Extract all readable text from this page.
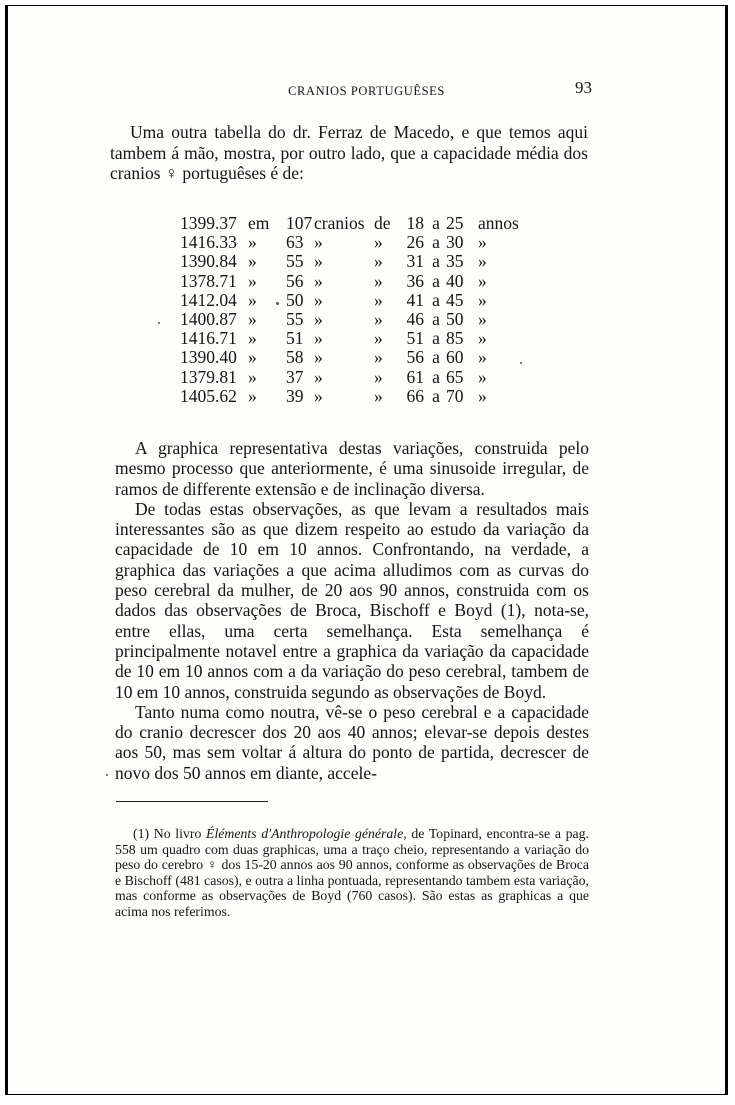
CRANIOS PORTUGUÊSES	93

Uma outra tabella do dr. Ferraz de Macedo, e que temos aqui tambem á mão, mostra, por outro lado, que a capacidade média dos cranios ♀ portuguêses é de:

1399.37	em	107	cranios	de	18	a	25	annos
1416.33	»	63	»	»	26	a	30	»
1390.84	»	55	»	»	31	a	35	»
1378.71	»	56	»	»	36	a	40	»
1412.04	»	50	»	»	41	a	45	»
1400.87	»	55	»	»	46	a	50	»
1416.71	»	51	»	»	51	a	85	»
1390.40	»	58	»	»	56	a	60	»
1379.81	»	37	»	»	61	a	65	»
1405.62	»	39	»	»	66	a	70	»

A graphica representativa destas variações, construida pelo mesmo processo que anteriormente, é uma sinusoide irregular, de ramos de differente extensão e de inclinação diversa.

De todas estas observações, as que levam a resultados mais interessantes são as que dizem respeito ao estudo da variação da capacidade de 10 em 10 annos. Confrontando, na verdade, a graphica das variações a que acima alludimos com as curvas do peso cerebral da mulher, de 20 aos 90 annos, construida com os dados das observações de Broca, Bischoff e Boyd (1), nota-se, entre ellas, uma certa semelhança. Esta semelhança é principalmente notavel entre a graphica da variação da capacidade de 10 em 10 annos com a da variação do peso cerebral, tambem de 10 em 10 annos, construida segundo as observações de Boyd.

Tanto numa como noutra, vê-se o peso cerebral e a capacidade do cranio decrescer dos 20 aos 40 annos; elevar-se depois destes aos 50, mas sem voltar á altura do ponto de partida, decrescer de novo dos 50 annos em diante, accele-

(1) No livro Éléments d'Anthropologie générale, de Topinard, encontra-se a pag. 558 um quadro com duas graphicas, uma a traço cheio, representando a variação do peso do cerebro ♀ dos 15-20 annos aos 90 annos, conforme as observações de Broca e Bischoff (481 casos), e outra a linha pontuada, representando tambem esta variação, mas conforme as observações de Boyd (760 casos). São estas as graphicas a que acima nos referimos.
